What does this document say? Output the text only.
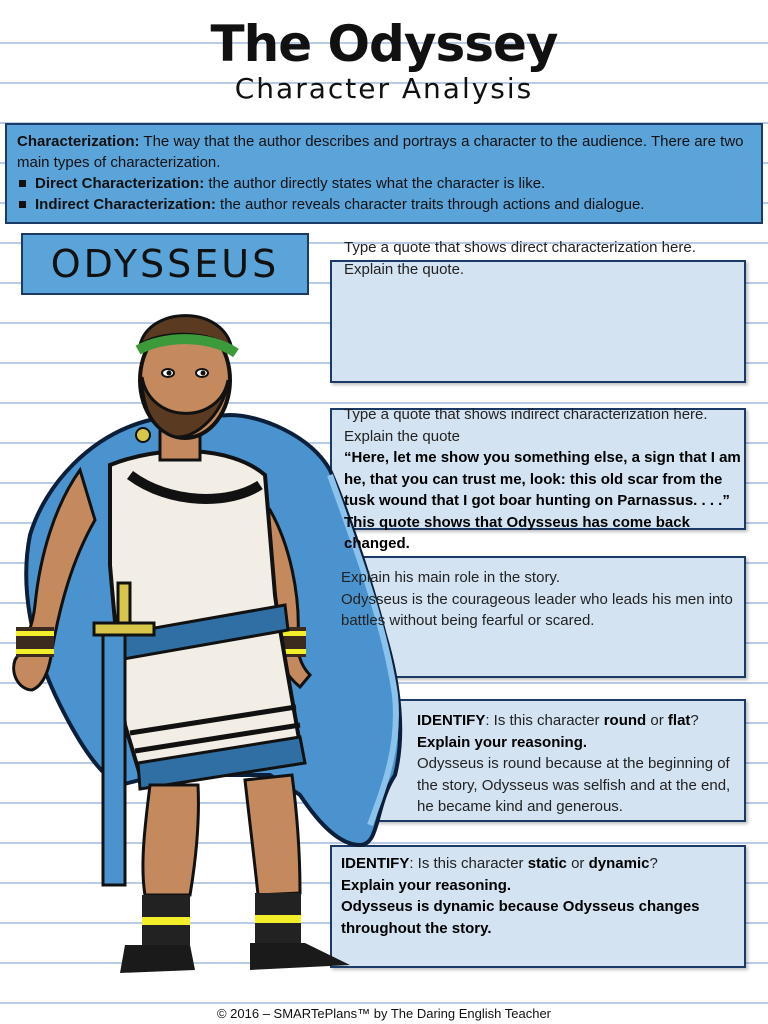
The Odyssey
Character Analysis

Characterization: The way that the author describes and portrays a character to the audience. There are two main types of characterization.

Direct Characterization: the author directly states what the character is like.
Indirect Characterization: the author reveals character traits through actions and dialogue.
ODYSSEUS	Type a quote that shows direct characterization here. Explain the quote.
Type a quote that shows indirect characterization here. Explain the quote
“Here, let me show you something else, a sign that I am he, that you can trust me, look: this old scar from the tusk wound that I got boar hunting on Parnassus. . . .” This quote shows that Odysseus has come back changed.
Explain his main role in the story.
Odysseus is the courageous leader who leads his men into battles without being fearful or scared.
IDENTIFY: Is this character round or flat? Explain your reasoning.
Odysseus is round because at the beginning of the story, Odysseus was selfish and at the end, he became kind and generous.
IDENTIFY: Is this character static or dynamic?
Explain your reasoning.
Odysseus is dynamic because Odysseus changes throughout the story.
© 2016 – SMARTePlans™ by The Daring English Teacher
